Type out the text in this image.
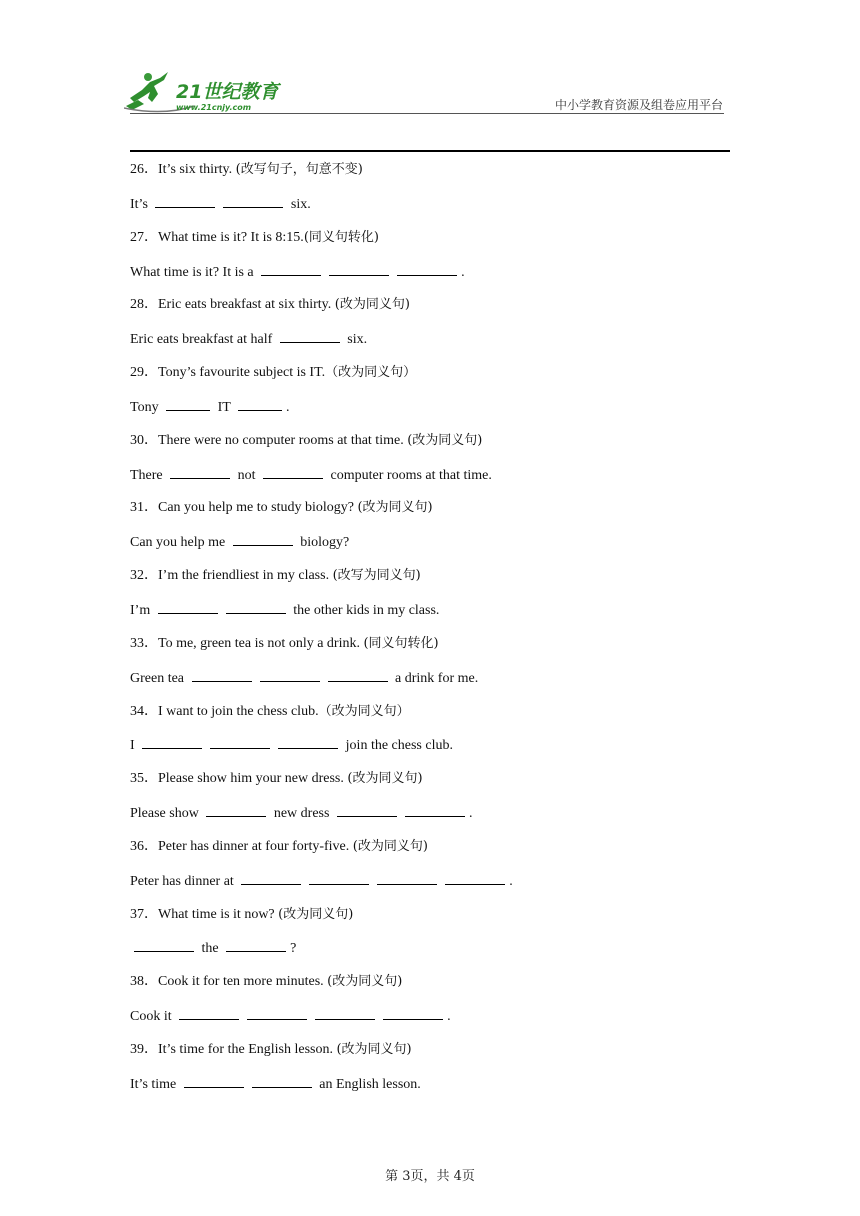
21世纪教育
www.21cnjy.com	中小学教育资源及组卷应用平台
26．It’s six thirty. (改写句子，句意不变)
It’s	six.
27．What time is it? It is 8:15.(同义句转化)
What time is it? It is a	.
28．Eric eats breakfast at six thirty. (改为同义句)
Eric eats breakfast at half	six.
29．Tony’s favourite subject is IT.（改为同义句）
Tony	IT	.
30．There were no computer rooms at that time. (改为同义句)
There	not	computer rooms at that time.
31．Can you help me to study biology? (改为同义句)
Can you help me	biology?
32．I’m the friendliest in my class. (改写为同义句)
I’m	the other kids in my class.
33．To me, green tea is not only a drink. (同义句转化)
Green tea	a drink for me.
34．I want to join the chess club.（改为同义句）
I	join the chess club.
35．Please show him your new dress. (改为同义句)
Please show	new dress	.
36．Peter has dinner at four forty-five. (改为同义句)
Peter has dinner at	.
37．What time is it now? (改为同义句)
the	?
38．Cook it for ten more minutes. (改为同义句)
Cook it	.
39．It’s time for the English lesson. (改为同义句)
It’s time	an English lesson.
第 3页，共 4页
